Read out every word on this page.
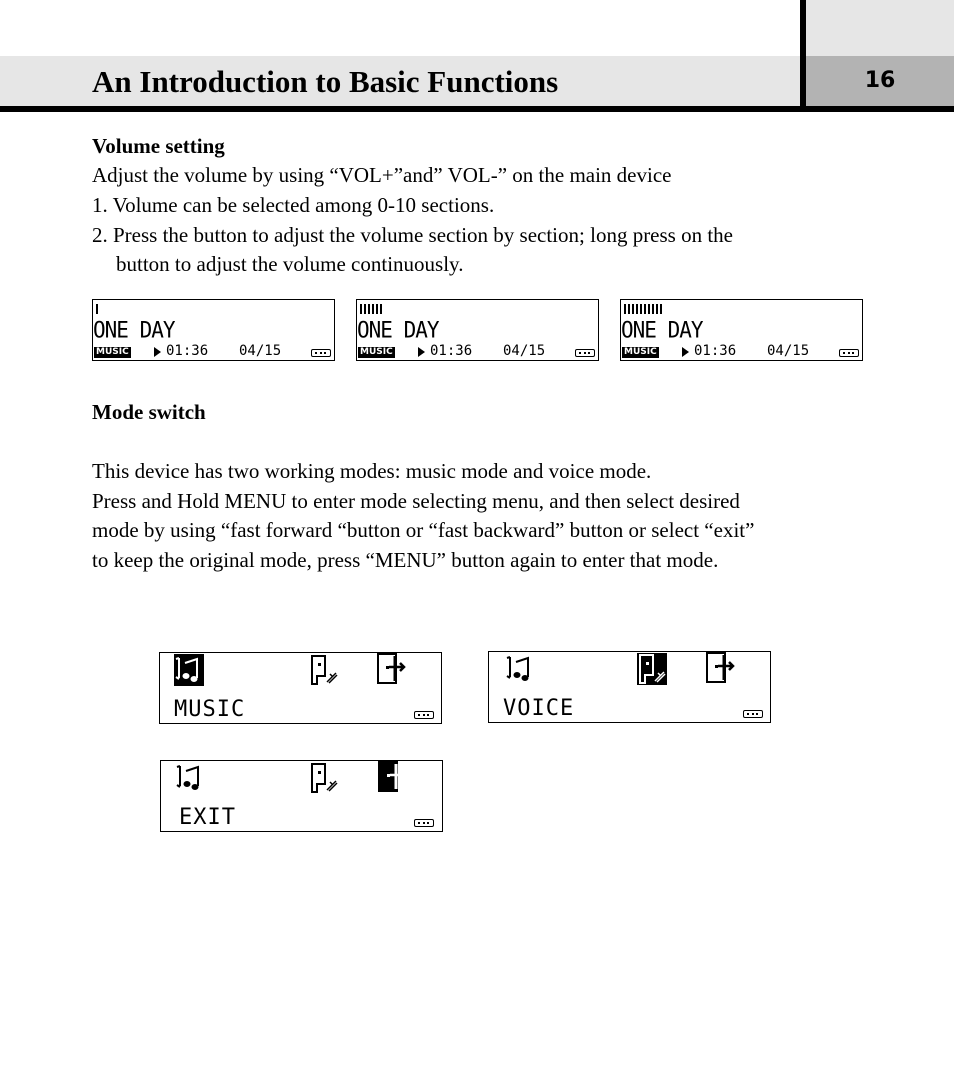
16
An Introduction to Basic Functions
Volume setting
Adjust the volume by using “VOL+”and” VOL-” on the main device
1. Volume can be selected among 0-10 sections.
2. Press the button to adjust the volume section by section; long press on the
button to adjust the volume continuously.
ONE DAY
MUSIC	01:36 04/15
ONE DAY
MUSIC	01:36 04/15
ONE DAY
MUSIC	01:36 04/15
Mode switch
This device has two working modes: music mode and voice mode.
Press and Hold MENU to enter mode selecting menu, and then select desired
mode by using “fast forward “button or “fast backward” button or select “exit”
to keep the original mode, press “MENU” button again to enter that mode.
MUSIC	VOICE
EXIT
